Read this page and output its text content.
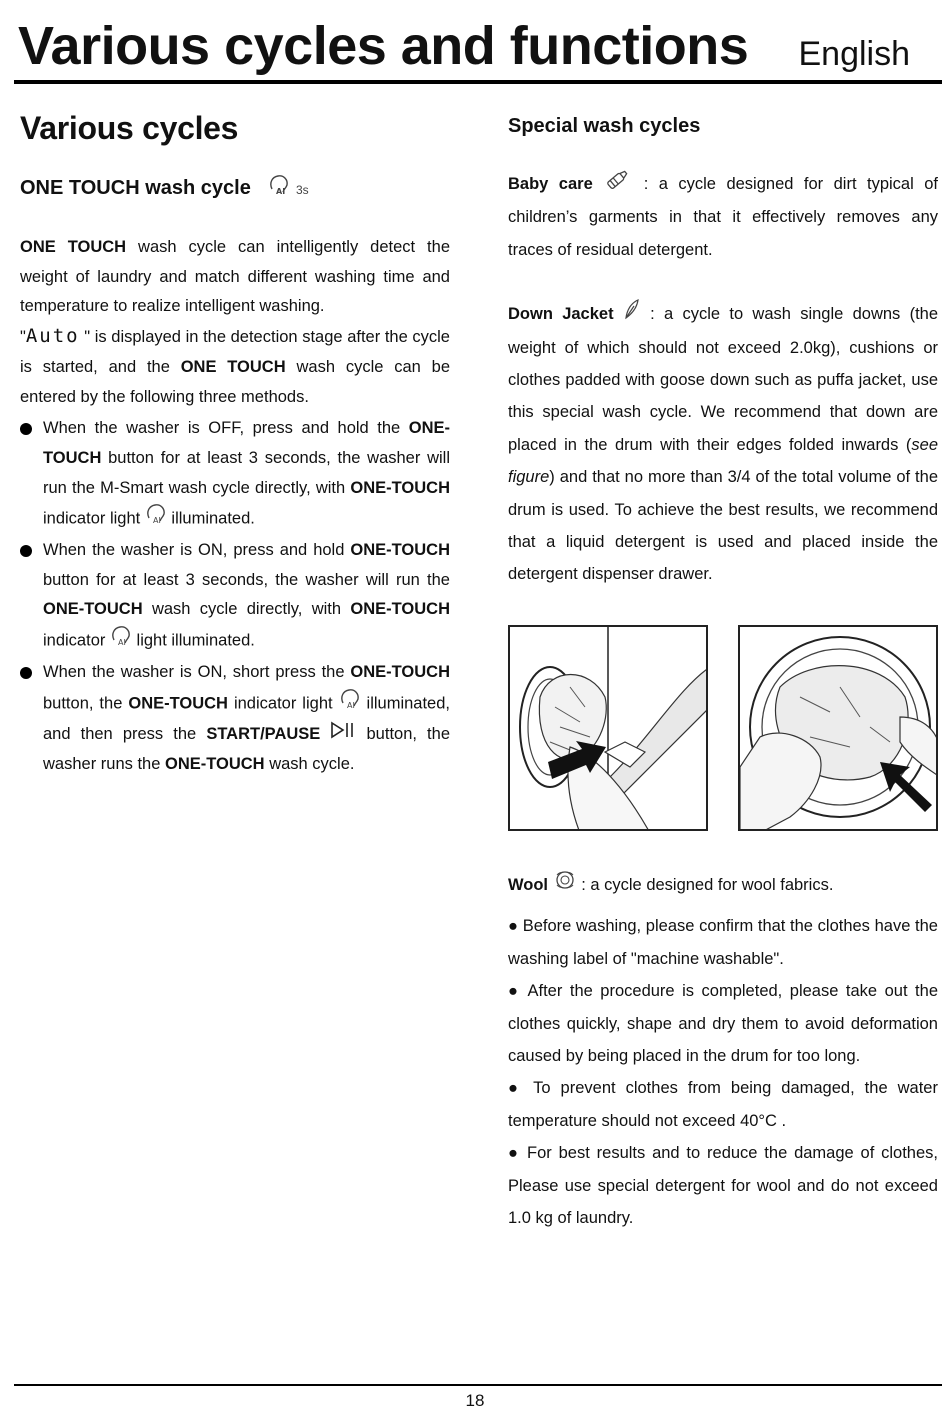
Various cycles and functions English
Various cycles
ONE TOUCH wash cycle	AI 3s

ONE TOUCH wash cycle can intelligently detect the weight of laundry and match different washing time and temperature to realize intelligent washing.

"Auto " is displayed in the detection stage after the cycle is started, and the ONE TOUCH wash cycle can be entered by the following three methods.

When the washer is OFF, press and hold the ONE-TOUCH button for at least 3 seconds, the washer will run the M-Smart wash cycle directly, with ONE-TOUCH indicator light AI illuminated.
When the washer is ON, press and hold ONE-TOUCH button for at least 3 seconds, the washer will run the ONE-TOUCH wash cycle directly, with ONE-TOUCH indicator AI light illuminated.
When the washer is ON, short press the ONE-TOUCH button, the ONE-TOUCH indicator light AI illuminated, and then press the START/PAUSE  button, the washer runs the ONE-TOUCH wash cycle.
Special wash cycles

Baby care  : a cycle designed for dirt typical of children’s garments in that it effectively removes any traces of residual detergent.

Down Jacket  : a cycle to wash single downs (the weight of which should not exceed 2.0kg), cushions or clothes padded with goose down such as puffa jacket, use this special wash cycle. We recommend that down are placed in the drum with their edges folded inwards (see figure) and that no more than 3/4 of the total volume of the drum is used. To achieve the best results, we recommend that a liquid detergent is used and placed inside the detergent dispenser drawer.

Wool  : a cycle designed for wool fabrics.

● Before washing, please confirm that the clothes have the washing label of "machine washable".
● After the procedure is completed, please take out the clothes quickly, shape and dry them to avoid deformation caused by being placed in the drum for too long.
● To prevent clothes from being damaged, the water temperature should not exceed 40°C .
● For best results and to reduce the damage of clothes, Please use special detergent for wool and do not exceed 1.0 kg of laundry.
18
